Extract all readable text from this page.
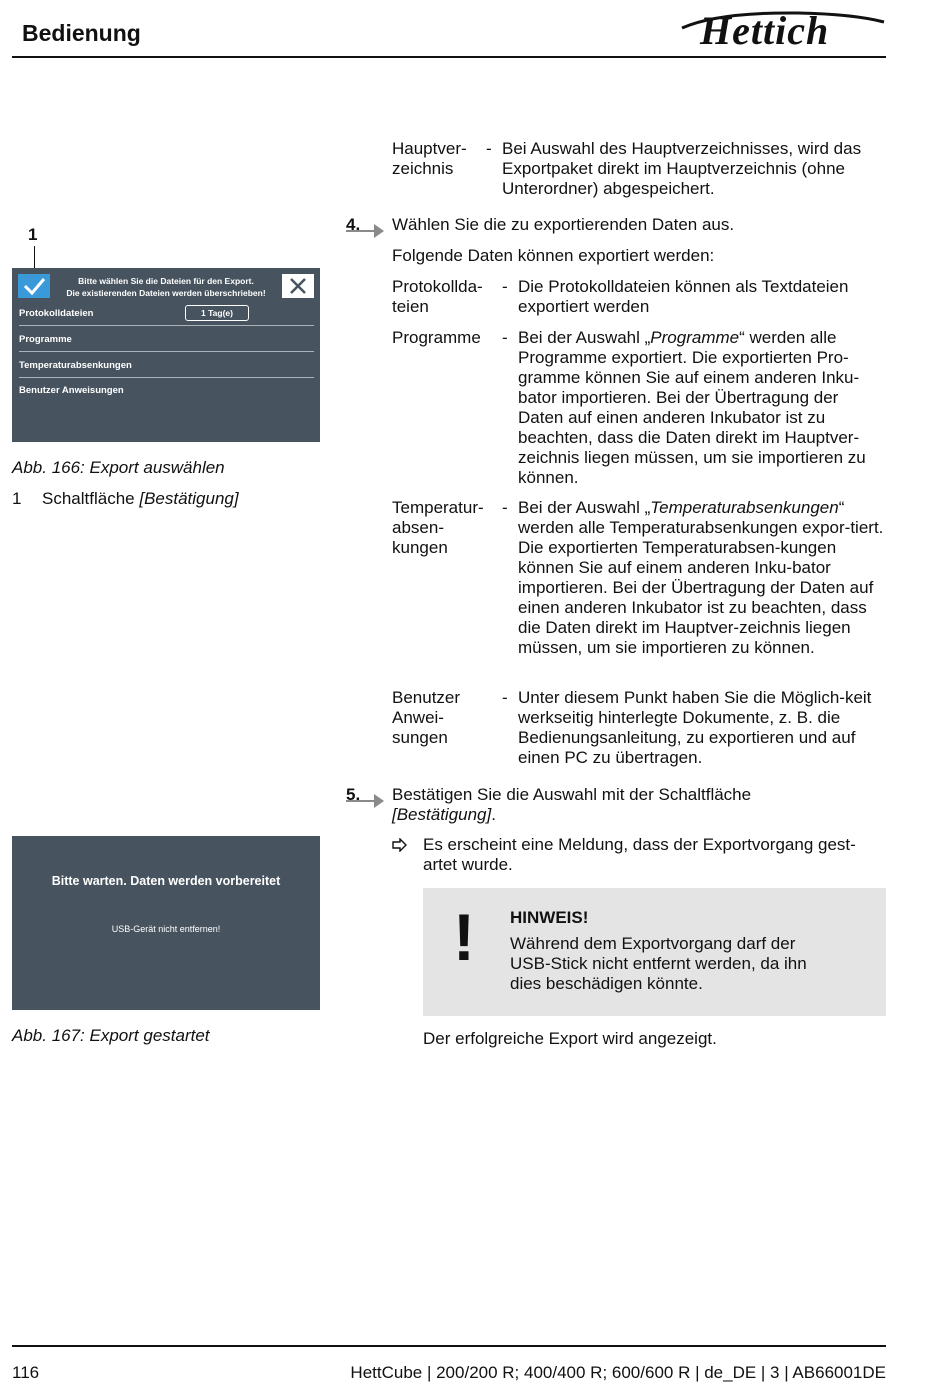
Bedienung	Hettich
Hauptver-
zeichnis
- Bei Auswahl des Hauptverzeichnisses, wird das Exportpaket direkt im Hauptverzeichnis (ohne Unterordner) abgespeichert.
4. Wählen Sie die zu exportierenden Daten aus.
Folgende Daten können exportiert werden:
Protokollda-
teien
- Die Protokolldateien können als Textdateien exportiert werden
Programme	- Bei der Auswahl „Programme“ werden alle Programme exportiert. Die exportierten Pro-gramme können Sie auf einem anderen Inku-bator importieren. Bei der Übertragung der Daten auf einen anderen Inkubator ist zu beachten, dass die Daten direkt im Hauptver-zeichnis liegen müssen, um sie importieren zu können.
Temperatur-
absen-
kungen
- Bei der Auswahl „Temperaturabsenkungen“ werden alle Temperaturabsenkungen expor-tiert. Die exportierten Temperaturabsen-kungen können Sie auf einem anderen Inku-bator importieren. Bei der Übertragung der Daten auf einen anderen Inkubator ist zu beachten, dass die Daten direkt im Hauptver-zeichnis liegen müssen, um sie importieren zu können.
Benutzer
Anwei-
sungen
- Unter diesem Punkt haben Sie die Möglich-keit werkseitig hinterlegte Dokumente, z. B. die Bedienungsanleitung, zu exportieren und auf einen PC zu übertragen.
5. Bestätigen Sie die Auswahl mit der Schaltfläche
[Bestätigung].
Es erscheint eine Meldung, dass der Exportvorgang gest-artet wurde.
! HINWEIS!
Während dem Exportvorgang darf der USB-Stick nicht entfernt werden, da ihn dies beschädigen könnte.
Der erfolgreiche Export wird angezeigt.
1
Bitte wählen Sie die Dateien für den Export.
Die existierenden Dateien werden überschrieben!
Protokolldateien	1 Tag(e)
Programme
Temperaturabsenkungen
Benutzer Anweisungen
Abb. 166: Export auswählen
1 Schaltfläche [Bestätigung]
Bitte warten. Daten werden vorbereitet
USB-Gerät nicht entfernen!
Abb. 167: Export gestartet
116	HettCube | 200/200 R; 400/400 R; 600/600 R | de_DE | 3 | AB66001DE
